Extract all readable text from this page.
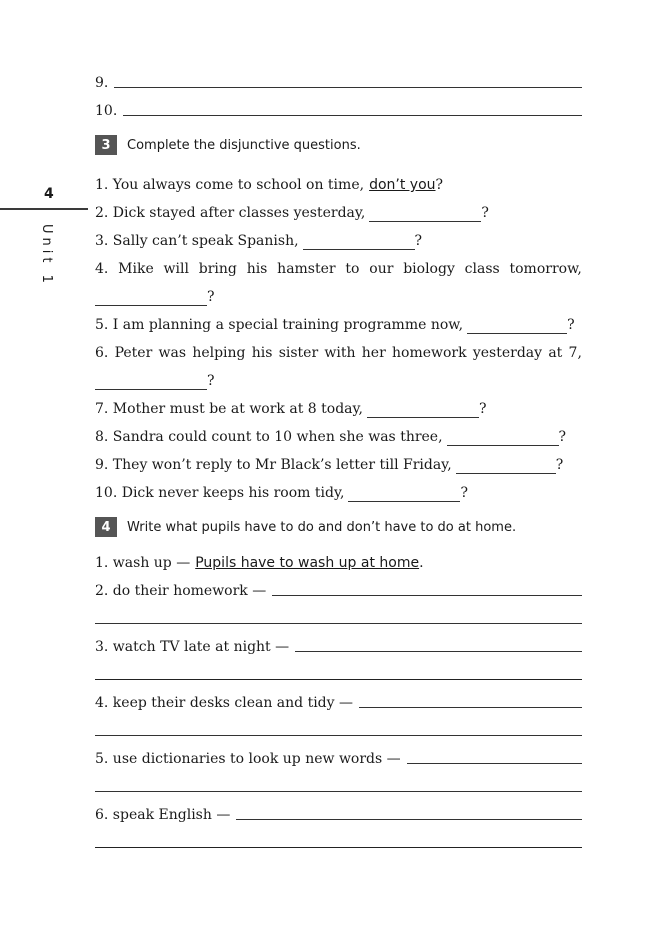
4
Unit 1
9.
10.
3	Complete the disjunctive questions.
1. You always come to school on time, don’t you ?
2. Dick stayed after classes yesterday,	?
3. Sally can’t speak Spanish,	?
4. Mike will bring his hamster to our biology class tomorrow,
?
5. I am planning a special training programme now,	?
6. Peter was helping his sister with her homework yesterday at 7,
?
7. Mother must be at work at 8 today,	?
8. Sandra could count to 10 when she was three,	?
9. They won’t reply to Mr Black’s letter till Friday,	?
10. Dick never keeps his room tidy,	?
4	Write what pupils have to do and don’t have to do at home.
1. wash up — Pupils have to wash up at home .
2. do their homework —
3. watch TV late at night —
4. keep their desks clean and tidy —
5. use dictionaries to look up new words —
6. speak English —
